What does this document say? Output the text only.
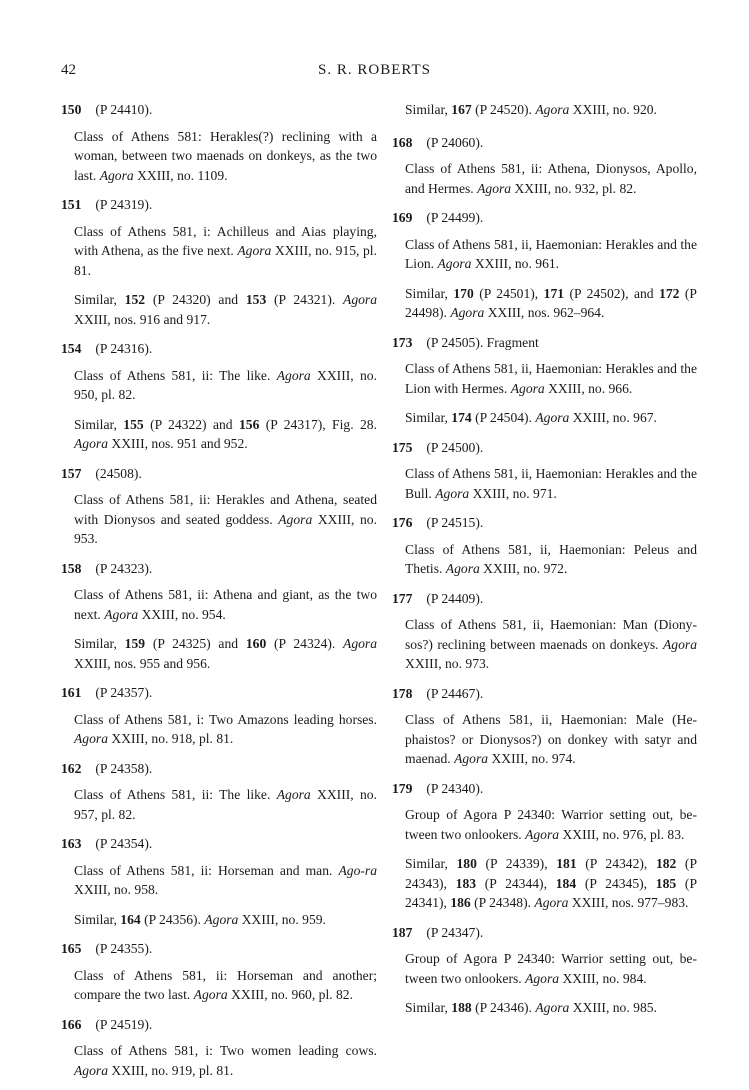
42	S. R. ROBERTS

150 (P 24410).

Class of Athens 581: Herakles(?) reclining with a woman, between two maenads on donkeys, as the two last. Agora XXIII, no. 1109.

151 (P 24319).

Class of Athens 581, i: Achilleus and Aias playing, with Athena, as the five next. Agora XXIII, no. 915, pl. 81.

Similar, 152 (P 24320) and 153 (P 24321). Agora XXIII, nos. 916 and 917.

154 (P 24316).

Class of Athens 581, ii: The like. Agora XXIII, no. 950, pl. 82.

Similar, 155 (P 24322) and 156 (P 24317), Fig. 28. Agora XXIII, nos. 951 and 952.

157 (24508).

Class of Athens 581, ii: Herakles and Athena, seated with Dionysos and seated goddess. Agora XXIII, no. 953.

158 (P 24323).

Class of Athens 581, ii: Athena and giant, as the two next. Agora XXIII, no. 954.

Similar, 159 (P 24325) and 160 (P 24324). Agora XXIII, nos. 955 and 956.

161 (P 24357).

Class of Athens 581, i: Two Amazons leading horses. Agora XXIII, no. 918, pl. 81.

162 (P 24358).

Class of Athens 581, ii: The like. Agora XXIII, no. 957, pl. 82.

163 (P 24354).

Class of Athens 581, ii: Horseman and man. Ago-ra XXIII, no. 958.

Similar, 164 (P 24356). Agora XXIII, no. 959.

165 (P 24355).

Class of Athens 581, ii: Horseman and another; compare the two last. Agora XXIII, no. 960, pl. 82.

166 (P 24519).

Class of Athens 581, i: Two women leading cows. Agora XXIII, no. 919, pl. 81.

Similar, 167 (P 24520). Agora XXIII, no. 920.

168 (P 24060).

Class of Athens 581, ii: Athena, Dionysos, Apollo, and Hermes. Agora XXIII, no. 932, pl. 82.

169 (P 24499).

Class of Athens 581, ii, Haemonian: Herakles and the Lion. Agora XXIII, no. 961.

Similar, 170 (P 24501), 171 (P 24502), and 172 (P 24498). Agora XXIII, nos. 962–964.

173 (P 24505). Fragment

Class of Athens 581, ii, Haemonian: Herakles and the Lion with Hermes. Agora XXIII, no. 966.

Similar, 174 (P 24504). Agora XXIII, no. 967.

175 (P 24500).

Class of Athens 581, ii, Haemonian: Herakles and the Bull. Agora XXIII, no. 971.

176 (P 24515).

Class of Athens 581, ii, Haemonian: Peleus and Thetis. Agora XXIII, no. 972.

177 (P 24409).

Class of Athens 581, ii, Haemonian: Man (Diony-sos?) reclining between maenads on donkeys. Agora XXIII, no. 973.

178 (P 24467).

Class of Athens 581, ii, Haemonian: Male (He-phaistos? or Dionysos?) on donkey with satyr and maenad. Agora XXIII, no. 974.

179 (P 24340).

Group of Agora P 24340: Warrior setting out, be-tween two onlookers. Agora XXIII, no. 976, pl. 83.

Similar, 180 (P 24339), 181 (P 24342), 182 (P 24343), 183 (P 24344), 184 (P 24345), 185 (P 24341), 186 (P 24348). Agora XXIII, nos. 977–983.

187 (P 24347).

Group of Agora P 24340: Warrior setting out, be-tween two onlookers. Agora XXIII, no. 984.

Similar, 188 (P 24346). Agora XXIII, no. 985.
